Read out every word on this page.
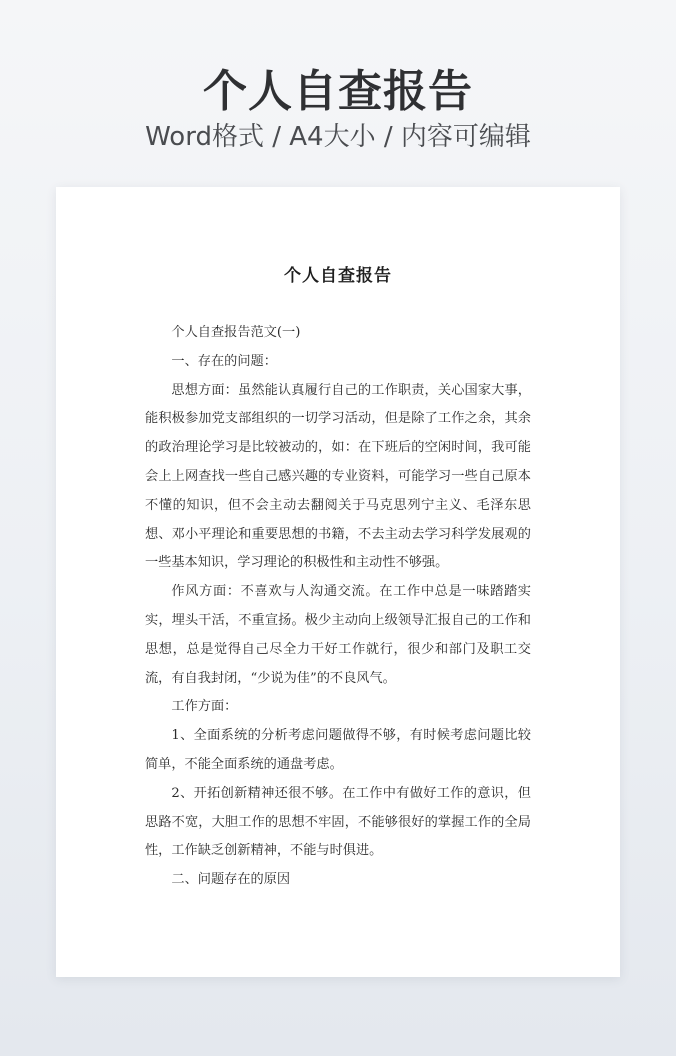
个人自查报告
Word格式 / A4大小 / 内容可编辑
个人自查报告

个人自查报告范文(一)

一、存在的问题：

思想方面：虽然能认真履行自己的工作职责，关心国家大事，能积极参加党支部组织的一切学习活动，但是除了工作之余，其余的政治理论学习是比较被动的，如：在下班后的空闲时间，我可能会上上网查找一些自己感兴趣的专业资料，可能学习一些自己原本不懂的知识，但不会主动去翻阅关于马克思列宁主义、毛泽东思想、邓小平理论和重要思想的书籍，不去主动去学习科学发展观的一些基本知识，学习理论的积极性和主动性不够强。

作风方面：不喜欢与人沟通交流。在工作中总是一味踏踏实实，埋头干活，不重宣扬。极少主动向上级领导汇报自己的工作和思想，总是觉得自己尽全力干好工作就行，很少和部门及职工交流，有自我封闭，“少说为佳”的不良风气。

工作方面：

1、全面系统的分析考虑问题做得不够，有时候考虑问题比较简单，不能全面系统的通盘考虑。

2、开拓创新精神还很不够。在工作中有做好工作的意识，但思路不宽，大胆工作的思想不牢固，不能够很好的掌握工作的全局性，工作缺乏创新精神，不能与时俱进。

二、问题存在的原因
